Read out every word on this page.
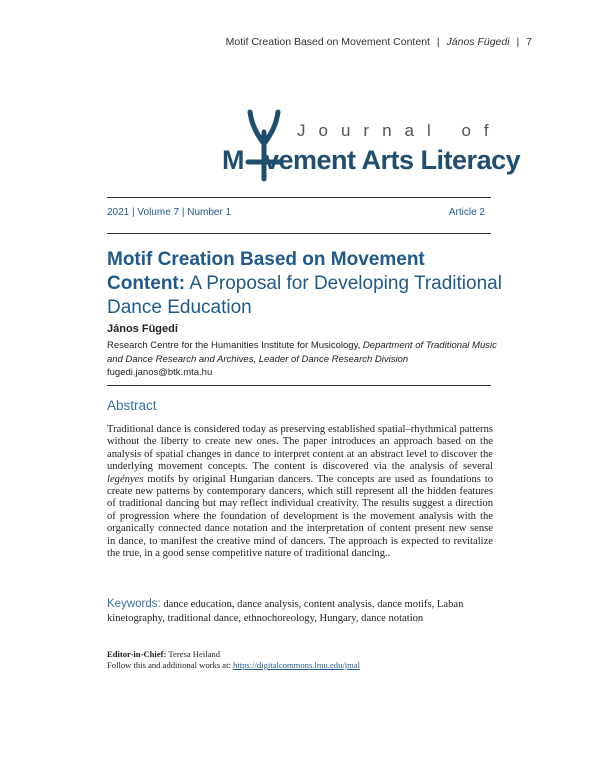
Motif Creation Based on Movement Content | János Fügedi | 7
Journal of
M vement Arts Literacy
2021 | Volume 7 | Number 1	Article 2
Motif Creation Based on Movement Content: A Proposal for Developing Traditional Dance Education
János Fügedi
Research Centre for the Humanities Institute for Musicology, Department of Traditional Music and Dance Research and Archives, Leader of Dance Research Division
fugedi.janos@btk.mta.hu
Abstract
Traditional dance is considered today as preserving established spatial–rhythmical patterns without the liberty to create new ones. The paper introduces an approach based on the analysis of spatial changes in dance to interpret content at an abstract level to discover the underlying movement concepts. The content is discovered via the analysis of several legényes motifs by original Hungarian dancers. The concepts are used as foundations to create new patterns by contemporary dancers, which still represent all the hidden features of traditional dancing but may reflect individual creativity. The results suggest a direction of progression where the foundation of development is the movement analysis with the organically connected dance notation and the interpretation of content present new sense in dance, to manifest the creative mind of dancers. The approach is expected to revitalize the true, in a good sense competitive nature of traditional dancing..
Keywords: dance education, dance analysis, content analysis, dance motifs, Laban kinetography, traditional dance, ethnochoreology, Hungary, dance notation
Editor-in-Chief: Teresa Heiland
Follow this and additional works at: https://digitalcommons.lmu.edu/jmal
